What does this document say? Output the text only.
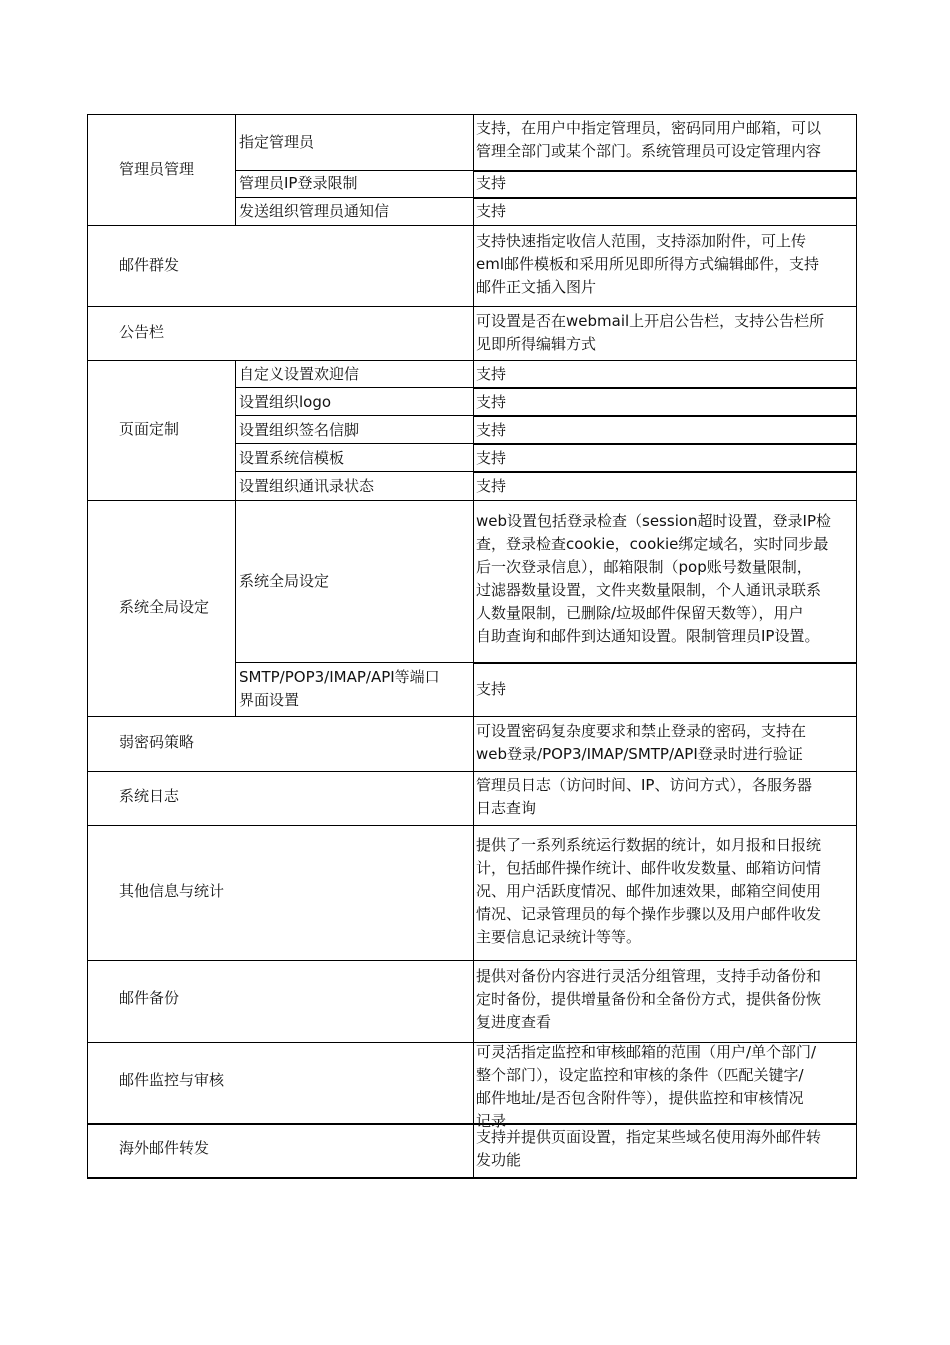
管理员管理
指定管理员
管理员IP登录限制
发送组织管理员通知信
支持，在用户中指定管理员，密码同用户邮箱，可以
管理全部门或某个部门。系统管理员可设定管理内容
支持
支持
邮件群发
支持快速指定收信人范围，支持添加附件，可上传
eml邮件模板和采用所见即所得方式编辑邮件，支持
邮件正文插入图片
公告栏
可设置是否在webmail上开启公告栏，支持公告栏所
见即所得编辑方式
页面定制
自定义设置欢迎信
设置组织logo
设置组织签名信脚
设置系统信模板
设置组织通讯录状态
支持
支持
支持
支持
支持
系统全局设定
系统全局设定
SMTP/POP3/IMAP/API等端口
界面设置
web设置包括登录检查（session超时设置，登录IP检
查，登录检查cookie，cookie绑定域名，实时同步最
后一次登录信息），邮箱限制（pop账号数量限制，
过滤器数量设置，文件夹数量限制，个人通讯录联系
人数量限制，已删除/垃圾邮件保留天数等），用户
自助查询和邮件到达通知设置。限制管理员IP设置。
支持
弱密码策略
可设置密码复杂度要求和禁止登录的密码，支持在
web登录/POP3/IMAP/SMTP/API登录时进行验证
系统日志
管理员日志（访问时间、IP、访问方式），各服务器
日志查询
其他信息与统计
提供了一系列系统运行数据的统计，如月报和日报统
计，包括邮件操作统计、邮件收发数量、邮箱访问情
况、用户活跃度情况、邮件加速效果，邮箱空间使用
情况、记录管理员的每个操作步骤以及用户邮件收发
主要信息记录统计等等。
邮件备份
提供对备份内容进行灵活分组管理，支持手动备份和
定时备份，提供增量备份和全备份方式，提供备份恢
复进度查看
邮件监控与审核
可灵活指定监控和审核邮箱的范围（用户/单个部门/
整个部门），设定监控和审核的条件（匹配关键字/
邮件地址/是否包含附件等），提供监控和审核情况
记录
海外邮件转发
支持并提供页面设置，指定某些域名使用海外邮件转
发功能
